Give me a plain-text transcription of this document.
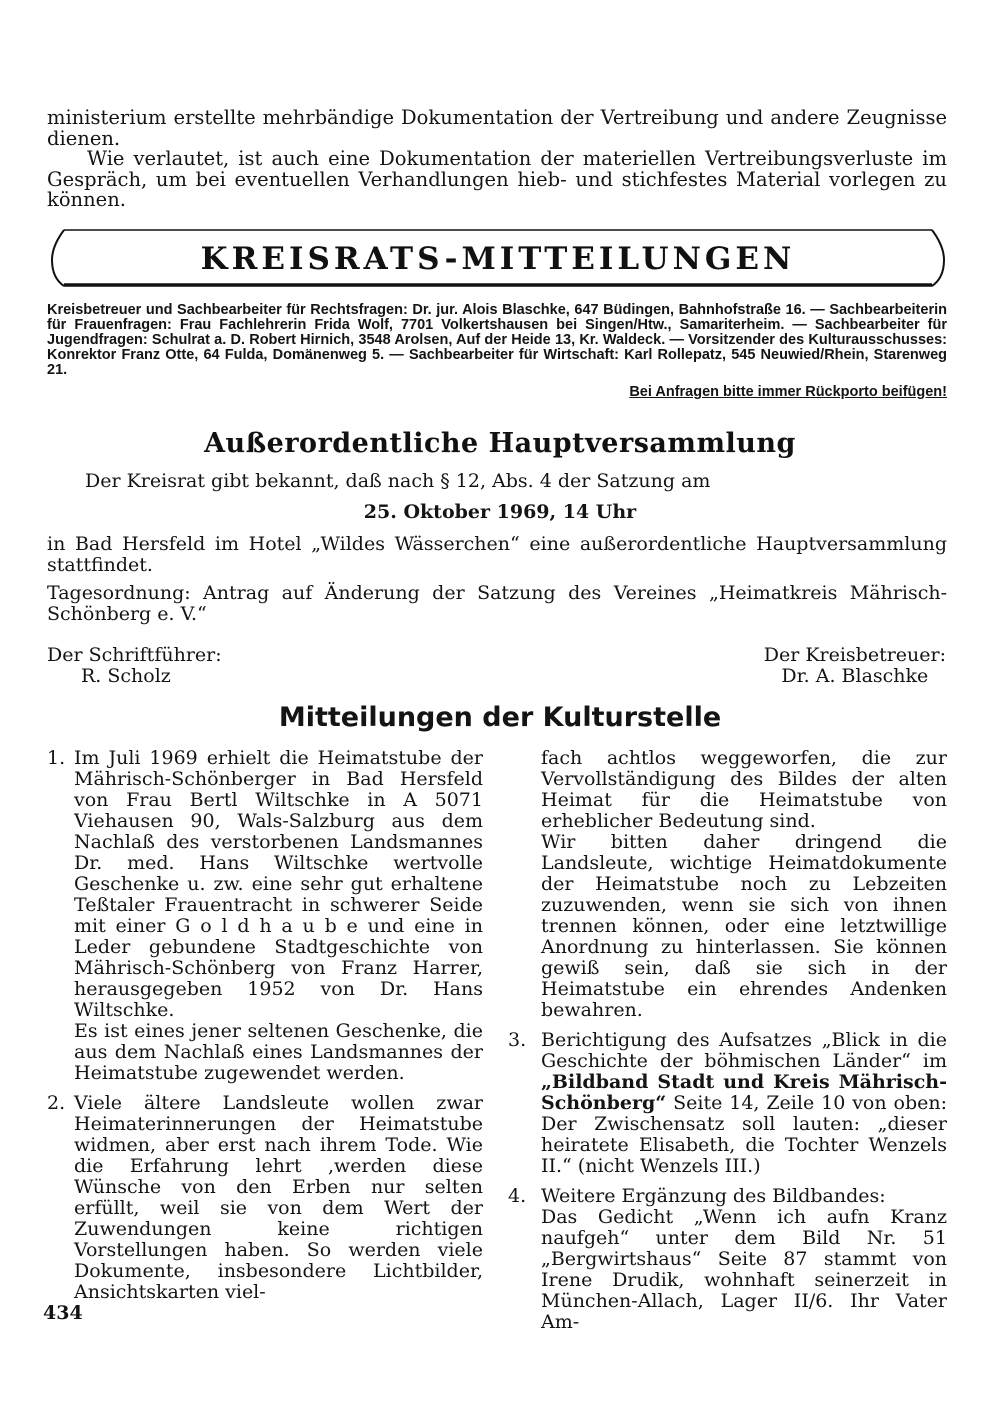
ministerium erstellte mehrbändige Dokumentation der Vertreibung und andere Zeugnisse dienen.

Wie verlautet, ist auch eine Dokumentation der materiellen Vertreibungsverluste im Gespräch, um bei eventuellen Verhandlungen hieb- und stichfestes Material vorlegen zu können.

KREISRATS-MITTEILUNGEN
Kreisbetreuer und Sachbearbeiter für Rechtsfragen: Dr. jur. Alois Blaschke, 647 Büdingen, Bahnhofstraße 16. — Sachbearbeiterin für Frauenfragen: Frau Fachlehrerin Frida Wolf, 7701 Volkertshausen bei Singen/Htw., Samariterheim. — Sachbearbeiter für Jugendfragen: Schulrat a. D. Robert Hirnich, 3548 Arolsen, Auf der Heide 13, Kr. Waldeck. — Vorsitzender des Kulturausschusses: Konrektor Franz Otte, 64 Fulda, Domänenweg 5. — Sachbearbeiter für Wirtschaft: Karl Rollepatz, 545 Neuwied/Rhein, Starenweg 21.
Bei Anfragen bitte immer Rückporto beifügen!
Außerordentliche Hauptversammlung

Der Kreisrat gibt bekannt, daß nach § 12, Abs. 4 der Satzung am

25. Oktober 1969, 14 Uhr

in Bad Hersfeld im Hotel „Wildes Wässerchen“ eine außerordentliche Hauptversammlung stattfindet.

Tagesordnung: Antrag auf Änderung der Satzung des Vereines „Heimatkreis Mährisch-Schönberg e. V.“

Der Schriftführer:
R. Scholz
Der Kreisbetreuer:
Dr. A. Blaschke
Mitteilungen der Kulturstelle
1. Im Juli 1969 erhielt die Heimatstube der Mährisch-Schönberger in Bad Hersfeld von Frau Bertl Wiltschke in A 5071 Viehausen 90, Wals-Salzburg aus dem Nachlaß des verstorbenen Landsmannes Dr. med. Hans Wiltschke wertvolle Geschenke u. zw. eine sehr gut erhaltene Teßtaler Frauentracht in schwerer Seide mit einer G o l d h a u b e und eine in Leder gebundene Stadtgeschichte von Mährisch-Schönberg von Franz Harrer, herausgegeben 1952 von Dr. Hans Wiltschke.

Es ist eines jener seltenen Geschenke, die aus dem Nachlaß eines Landsmannes der Heimatstube zugewendet werden.

2. Viele ältere Landsleute wollen zwar Heimaterinnerungen der Heimatstube widmen, aber erst nach ihrem Tode. Wie die Erfahrung lehrt ,werden diese Wünsche von den Erben nur selten erfüllt, weil sie von dem Wert der Zuwendungen keine richtigen Vorstellungen haben. So werden viele Dokumente, insbesondere Lichtbilder, Ansichtskarten viel-

fach achtlos weggeworfen, die zur Vervollständigung des Bildes der alten Heimat für die Heimatstube von erheblicher Bedeutung sind.

Wir bitten daher dringend die Landsleute, wichtige Heimatdokumente der Heimatstube noch zu Lebzeiten zuzuwenden, wenn sie sich von ihnen trennen können, oder eine letztwillige Anordnung zu hinterlassen. Sie können gewiß sein, daß sie sich in der Heimatstube ein ehrendes Andenken bewahren.

3. Berichtigung des Aufsatzes „Blick in die Geschichte der böhmischen Länder“ im „Bildband Stadt und Kreis Mährisch-Schönberg“ Seite 14, Zeile 10 von oben: Der Zwischensatz soll lauten: „dieser heiratete Elisabeth, die Tochter Wenzels II.“ (nicht Wenzels III.)

4. Weitere Ergänzung des Bildbandes:

Das Gedicht „Wenn ich aufn Kranz naufgeh“ unter dem Bild Nr. 51 „Bergwirtshaus“ Seite 87 stammt von Irene Drudik, wohnhaft seinerzeit in München-Allach, Lager II/6. Ihr Vater Am-

434
